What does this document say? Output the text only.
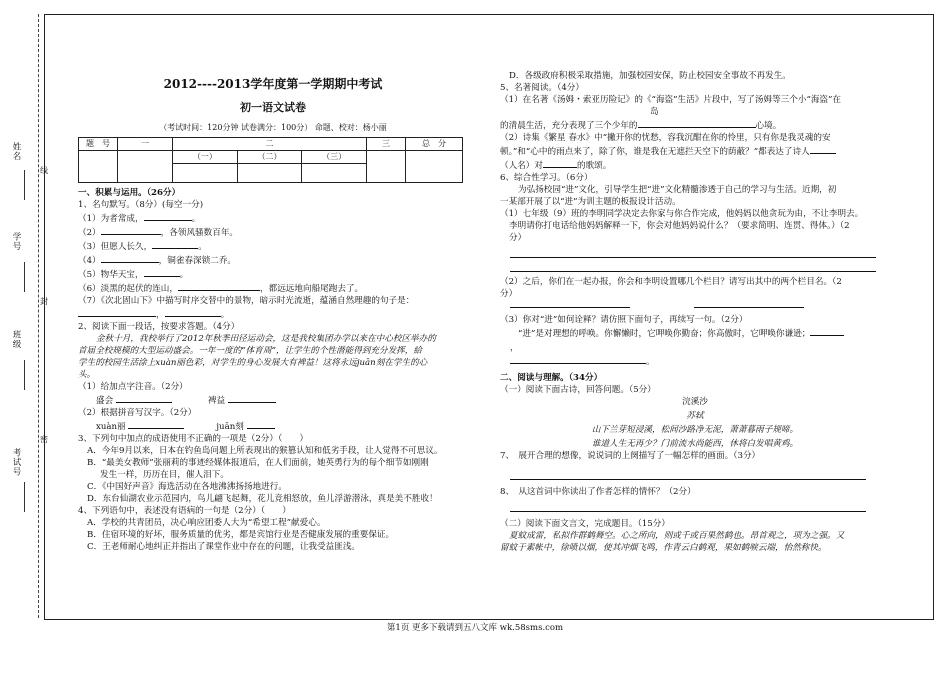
姓名
学号
班级
考试号
线
封
密
2012----2013学年度第一学期期中考试
初一语文试卷
（考试时间：120分钟 试卷满分：100分） 命题、校对：杨小丽
题　号	一	二			三	总　分
		（一）	（二）	（三）		

一、积累与运用。（26分）

1、名句默写。（8分）(每空一分)

（1）为者常成，	。

（2）	，各领风骚数百年。

（3）但愿人长久，	。

（4）	，铜雀春深锁二乔。

（5）物华天宝，	。

（6）淡黑的起伏的连山，	，都远远地向船尾跑去了。

（7）《次北固山下》中描写时序交替中的景物，暗示时光流逝，蕴涵自然理趣的句子是：

，	。

2、阅读下面一段话，按要求答题。（4分）

金秋十月，我校举行了2012年秋季田径运动会，这是我校集团办学以来在中心校区举办的

首届全校规模的大型运动盛会。一年一度的“体育周”，让学生的个性潜能得到充分发挥，給

学生的校园生活涂上xuàn丽色彩，对学生的身心发展大有裨益！这将永远juān刻在学生的心

头。

（1）给加点字注音。（2分）

盛会	裨益

（2）根据拼音写汉字。（2分）

xuàn丽	juān刻

3、下列句中加点的成语使用不正确的一项是（2分）（　　）

A．今年9月以来，日本在钓鱼岛问题上所表现出的猴篡认知和低劣手段，让人觉得不可思议。

B．“最美女教师”张丽莉的事迹经媒体报道后，在人们面前，她英勇行为的每个细节如刚刚

发生一样，历历在目，催人泪下。

C．《中国好声音》海选活动在各地沸沸扬扬地进行。

D．东台仙湖农业示范园内，鸟儿翩飞起舞，花儿竞相怒放，鱼儿浮游潜泳，真是美不胜收！

4、下列语句中，表述没有语病的一句是（2分）（　　）

A．学校的共青团员，决心响应团委人大为“希望工程”献爱心。

B．住宿环境的好坏，服务质量的优劣，都是宾馆行业是否健康发展的重要保证。

C．王老师耐心地纠正并指出了课堂作业中存在的问题，让我受益匪浅。

D．各级政府积极采取措施，加强校园安保，防止校园安全事故不再发生。

5、名著阅读。（4分）

（1）在名著《汤姆・索亚历险记》的《“海盗”生活》片段中，写了汤姆等三个小“海盗”在

岛

的清晨生活，充分表现了三个少年的	心境。

（2）诗集《繁星 春水》中“撇开你的忧愁，容我沉酣在你的怜里，只有你是我灵魂的安

顿。”和“心中的雨点来了，除了你，谁是我在无遮拦天空下的荫蔽？”都表达了诗人

（人名）对	的歌颂。

6、综合性学习。（6分）

为弘扬校园“进”文化，引导学生把“进”文化精髓渗透于自己的学习与生活。近期，初

一某部开展了以“进”为训主题的板报设计活动。

（1）七年级（9）班的李明同学决定去你家与你合作完成，他妈妈以他贪玩为由，不让李明去。

李明请你打电话给他妈妈解释一下，你会对他妈妈说什么？（要求简明、连贯、得体。）（2

分）

（2）之后，你们在一起办报，你会和李明设置哪几个栏目？请写出其中的两个栏目名。（2

分）

（3）你对“进”如何诠释？请仿照下面句子，再续写一句。（2分）

“进”是对理想的呼唤。你懈懒时，它呷唤你勤奋；你高傲时，它呷唤你谦逊；

，
。

二、阅读与理解。（34分）

（一）阅读下面古诗，回答问题。（5分）

浣溪沙

苏轼

山下兰芽短浸溪，松间沙路净无泥，萧萧暮雨子规啼。

谁道人生无再少？门前流水尚能西，休将白发唱黄鸡。

7、　展开合理的想像，说说词的上阕描写了一幅怎样的画面。（3分）

8、　从这首词中你读出了作者怎样的情怀？（2分）

（二）阅读下面文言文，完成题目。（15分）

夏蚊成雷，私拟作群鹤舞空。心之所向，则或千或百果然鹤也。昂首观之，项为之强。又

留蚊于素帐中，徐喷以烟，使其冲烟飞鸣，作青云白鹤观，果如鹤唳云端，怡然称快。

第1页 更多下载请到五八文库 wk.58sms.com
